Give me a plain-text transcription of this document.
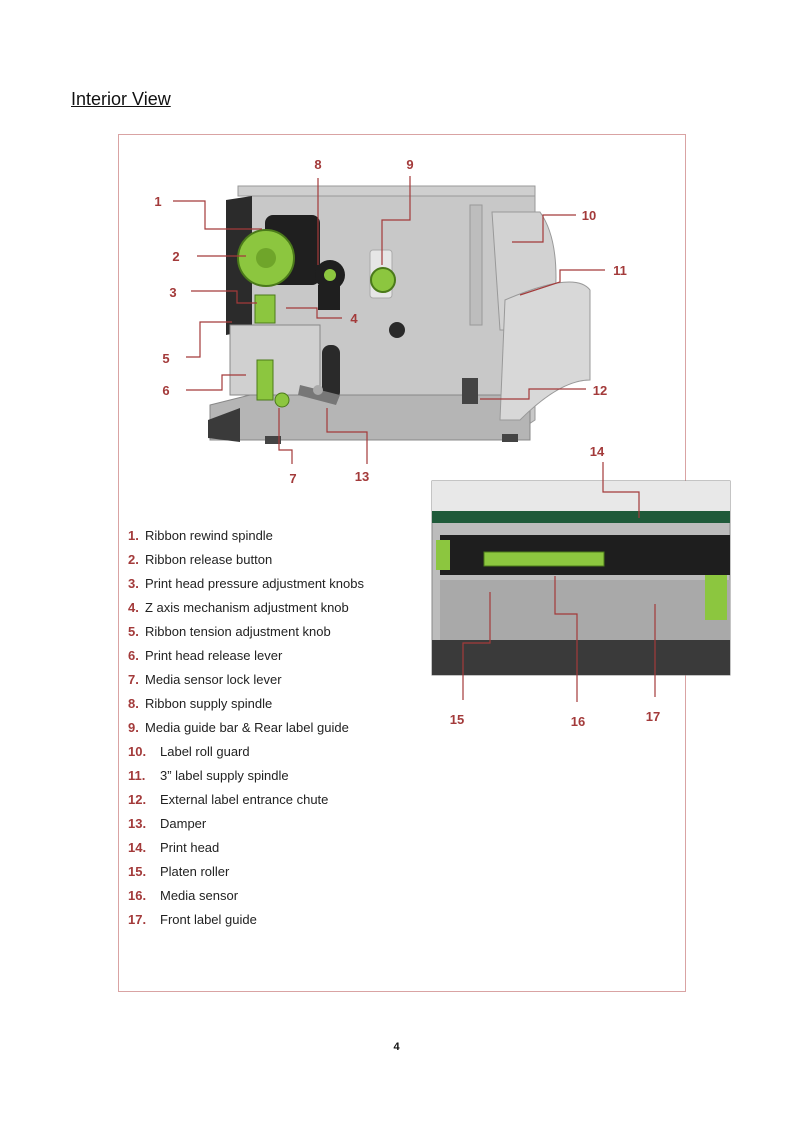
Interior View
1
2
3
4
5
6
7
8	9
10
11
12
13
14
15	16	17
1. Ribbon rewind spindle
2. Ribbon release button
3. Print head pressure adjustment knobs
4. Z axis mechanism adjustment knob
5. Ribbon tension adjustment knob
6. Print head release lever
7. Media sensor lock lever
8. Ribbon supply spindle
9. Media guide bar & Rear label guide
10. Label roll guard
11. 3” label supply spindle
12. External label entrance chute
13. Damper
14. Print head
15. Platen roller
16. Media sensor
17. Front label guide
4
